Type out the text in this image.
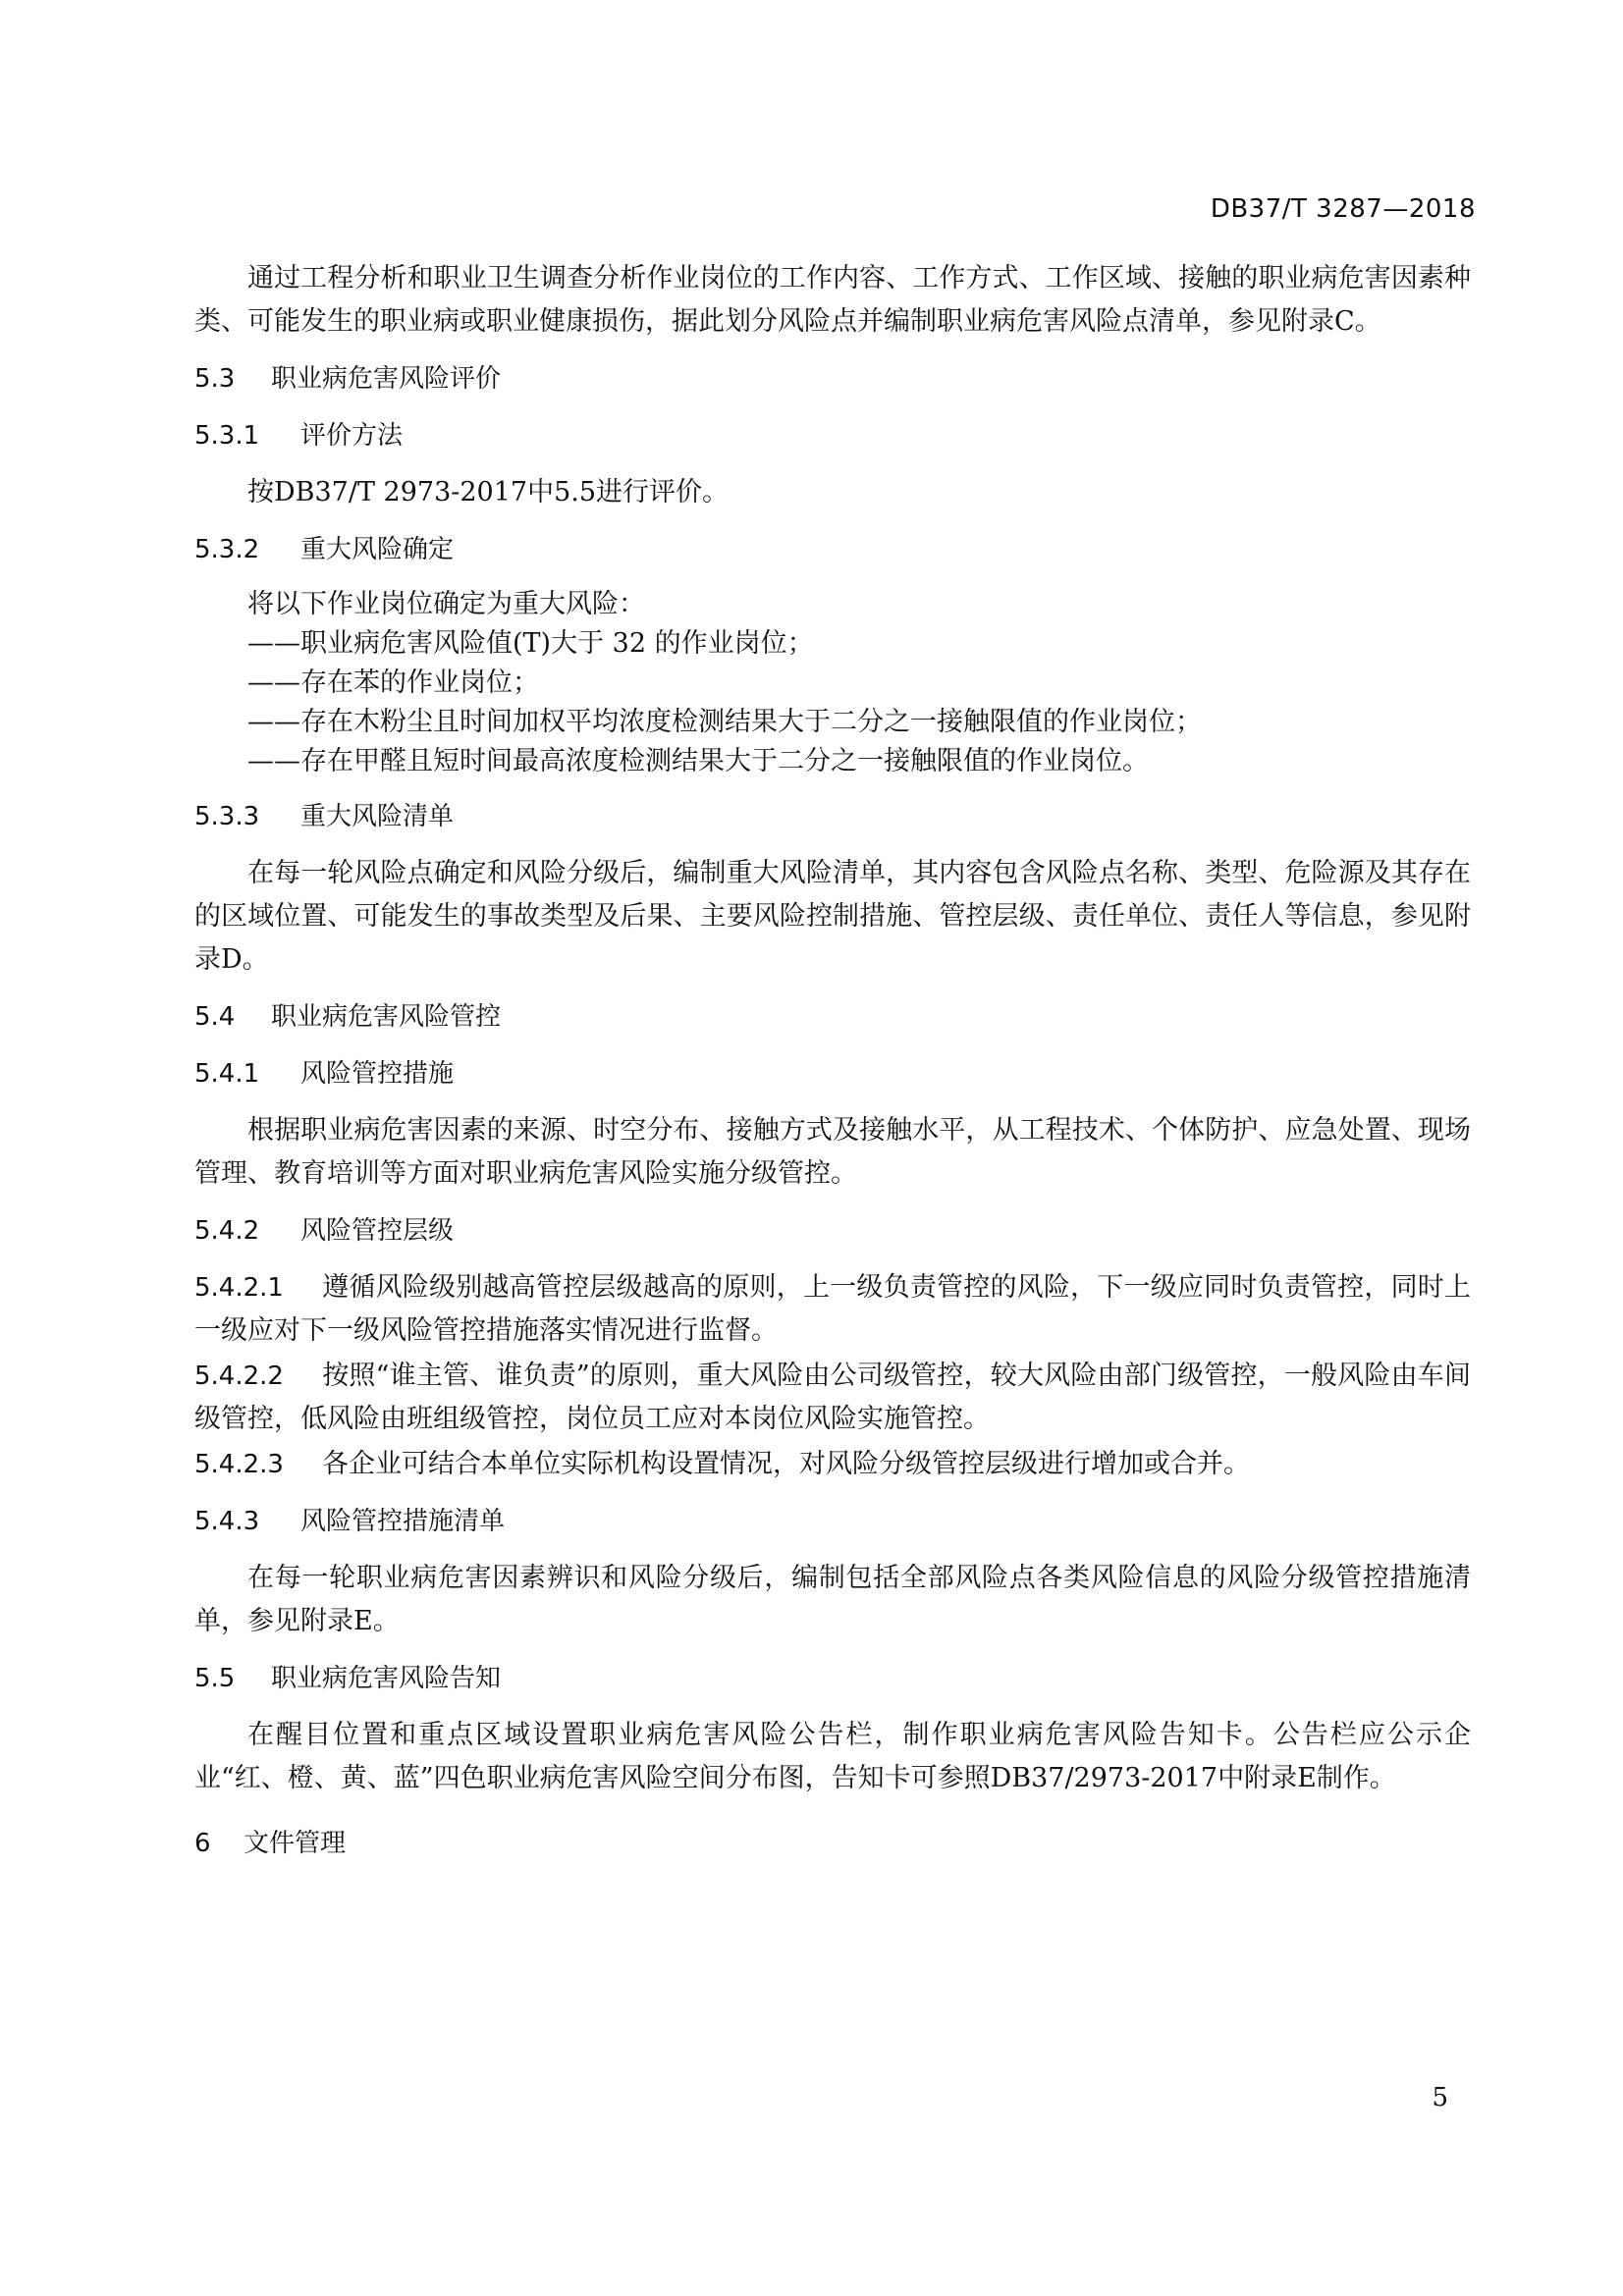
DB37/T 3287—2018

通过工程分析和职业卫生调查分析作业岗位的工作内容、工作方式、工作区域、接触的职业病危害因素种类、可能发生的职业病或职业健康损伤，据此划分风险点并编制职业病危害风险点清单，参见附录C。

5.3 职业病危害风险评价
5.3.1 评价方法

按DB37/T 2973-2017中5.5进行评价。

5.3.2 重大风险确定
将以下作业岗位确定为重大风险：
——职业病危害风险值(T)大于 32 的作业岗位；
——存在苯的作业岗位；
——存在木粉尘且时间加权平均浓度检测结果大于二分之一接触限值的作业岗位；
——存在甲醛且短时间最高浓度检测结果大于二分之一接触限值的作业岗位。
5.3.3 重大风险清单

在每一轮风险点确定和风险分级后，编制重大风险清单，其内容包含风险点名称、类型、危险源及其存在的区域位置、可能发生的事故类型及后果、主要风险控制措施、管控层级、责任单位、责任人等信息，参见附录D。

5.4 职业病危害风险管控
5.4.1 风险管控措施

根据职业病危害因素的来源、时空分布、接触方式及接触水平，从工程技术、个体防护、应急处置、现场管理、教育培训等方面对职业病危害风险实施分级管控。

5.4.2 风险管控层级

5.4.2.1 遵循风险级别越高管控层级越高的原则，上一级负责管控的风险，下一级应同时负责管控，同时上一级应对下一级风险管控措施落实情况进行监督。

5.4.2.2 按照“谁主管、谁负责”的原则，重大风险由公司级管控，较大风险由部门级管控，一般风险由车间级管控，低风险由班组级管控，岗位员工应对本岗位风险实施管控。

5.4.2.3 各企业可结合本单位实际机构设置情况，对风险分级管控层级进行增加或合并。

5.4.3 风险管控措施清单

在每一轮职业病危害因素辨识和风险分级后，编制包括全部风险点各类风险信息的风险分级管控措施清单，参见附录E。

5.5 职业病危害风险告知

在醒目位置和重点区域设置职业病危害风险公告栏，制作职业病危害风险告知卡。公告栏应公示企业“红、橙、黄、蓝”四色职业病危害风险空间分布图，告知卡可参照DB37/2973-2017中附录E制作。

6 文件管理
5
